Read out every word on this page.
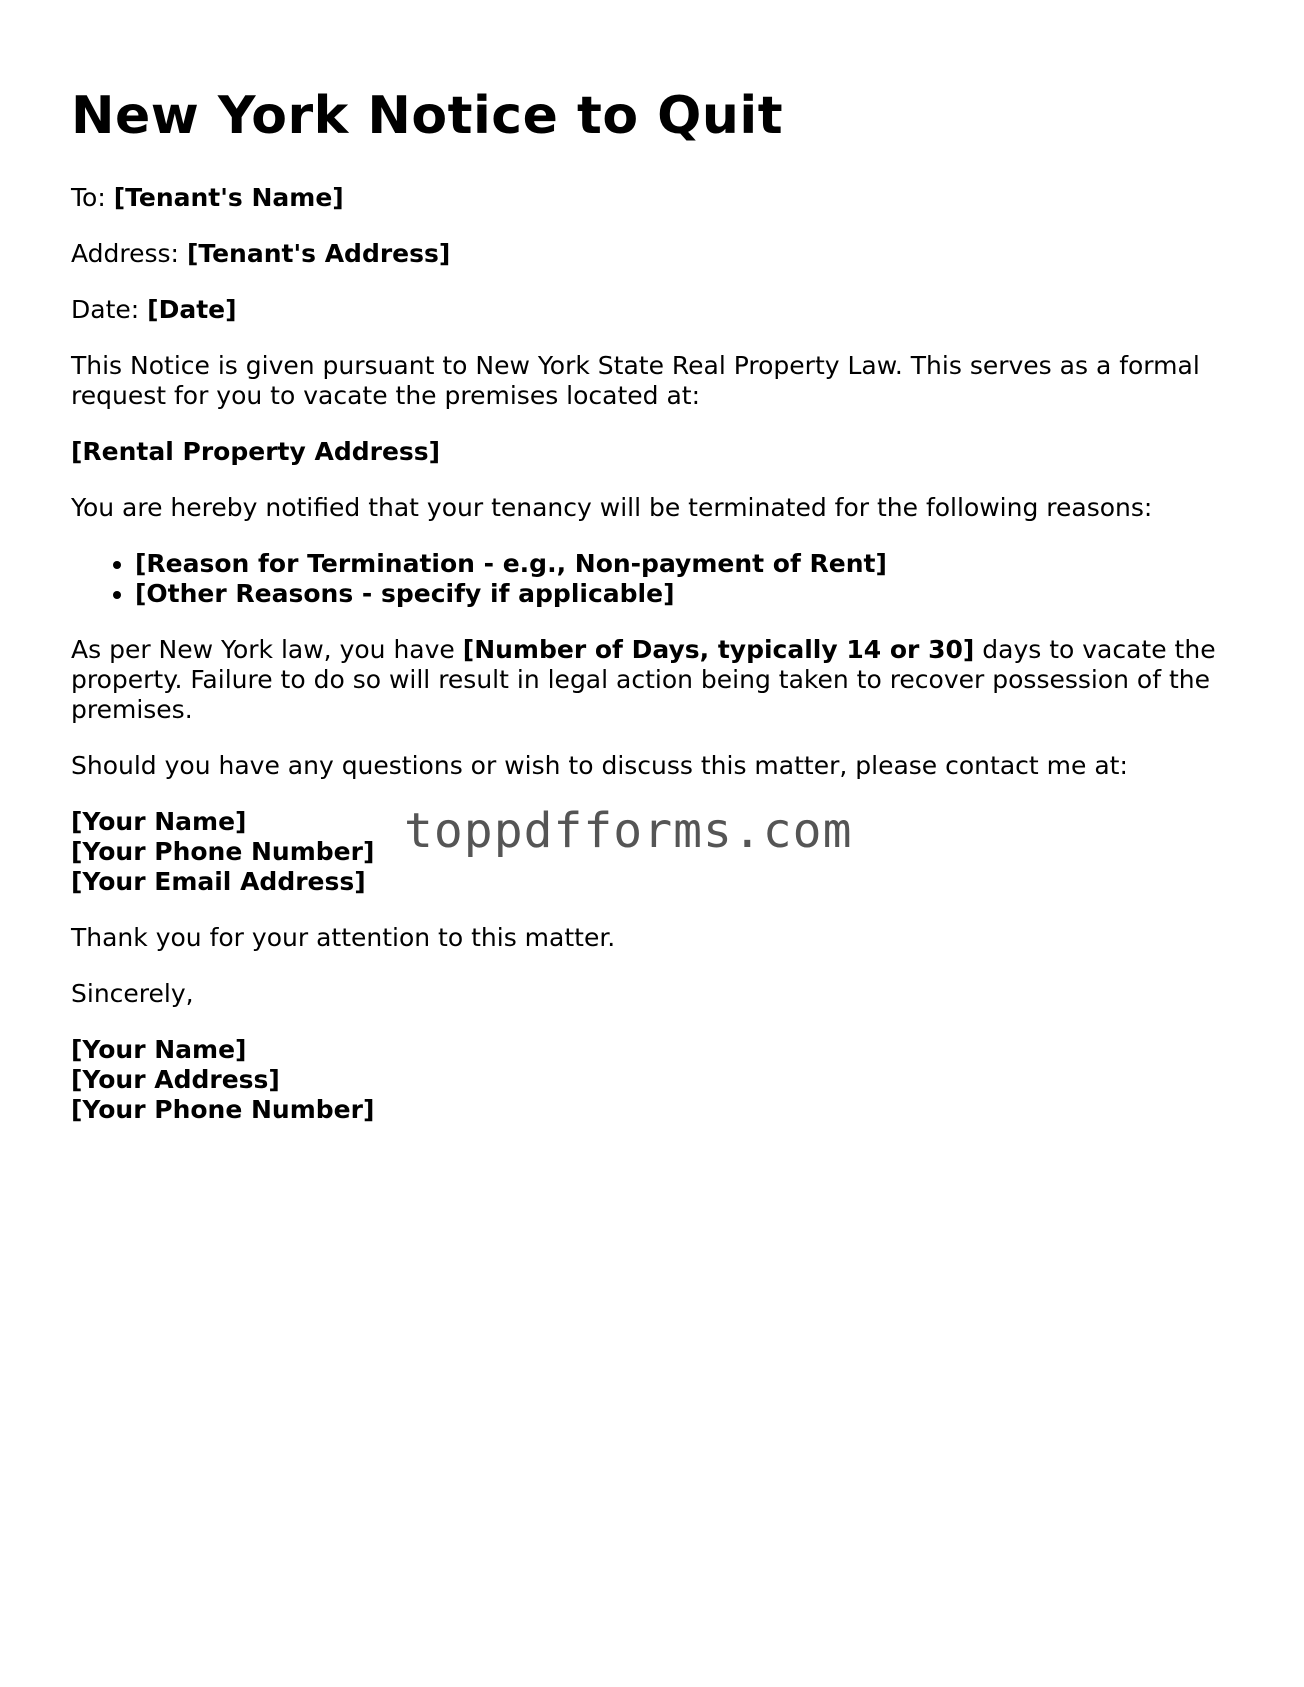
New York Notice to Quit

To: [Tenant's Name]

Address: [Tenant's Address]

Date: [Date]

This Notice is given pursuant to New York State Real Property Law. This serves as a formal request for you to vacate the premises located at:

[Rental Property Address]

You are hereby notified that your tenancy will be terminated for the following reasons:

• [Reason for Termination - e.g., Non-payment of Rent]
• [Other Reasons - specify if applicable]

As per New York law, you have [Number of Days, typically 14 or 30] days to vacate the property. Failure to do so will result in legal action being taken to recover possession of the premises.

Should you have any questions or wish to discuss this matter, please contact me at:

[Your Name]
[Your Phone Number]
[Your Email Address]

toppdfforms.com

Thank you for your attention to this matter.

Sincerely,

[Your Name]
[Your Address]
[Your Phone Number]
